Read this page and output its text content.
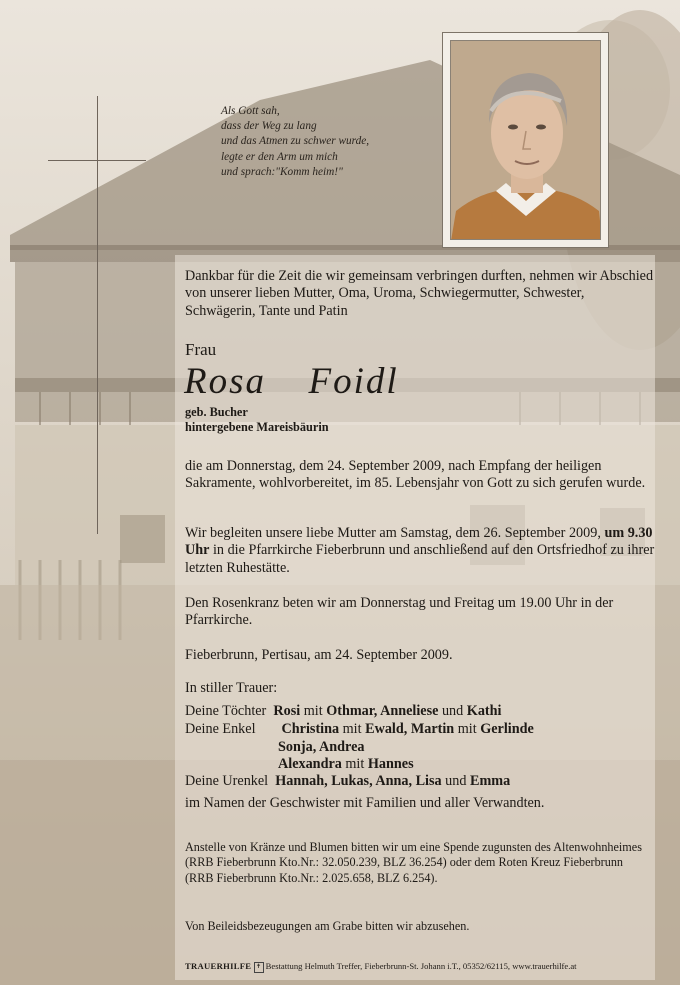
Als Gott sah,
dass der Weg zu lang
und das Atmen zu schwer wurde,
legte er den Arm um mich
und sprach:"Komm heim!"
Dankbar für die Zeit die wir gemeinsam verbringen durften, nehmen wir Abschied von unserer lieben Mutter, Oma, Uroma, Schwiegermutter, Schwester, Schwägerin, Tante und Patin
Frau
Rosa  Foidl
geb. Bucher
hintergebene Mareisbäurin
die am Donnerstag, dem 24. September 2009, nach Empfang der heiligen Sakramente, wohlvorbereitet, im 85. Lebensjahr von Gott zu sich gerufen wurde.
Wir begleiten unsere liebe Mutter am Samstag, dem 26. September 2009, um 9.30 Uhr in die Pfarrkirche Fieberbrunn und anschließend auf den Ortsfriedhof zu ihrer letzten Ruhestätte.
Den Rosenkranz beten wir am Donnerstag und Freitag um 19.00 Uhr in der Pfarrkirche.
Fieberbrunn, Pertisau, am 24. September 2009.
In stiller Trauer:
Deine Töchter Rosi mit Othmar, Anneliese und Kathi
Deine Enkel Christina mit Ewald, Martin mit Gerlinde
Sonja, Andrea
Alexandra mit Hannes
Deine Urenkel Hannah, Lukas, Anna, Lisa und Emma
im Namen der Geschwister mit Familien und aller Verwandten.
Anstelle von Kränze und Blumen bitten wir um eine Spende zugunsten des Altenwohnheimes (RRB Fieberbrunn Kto.Nr.: 32.050.239, BLZ 36.254) oder dem Roten Kreuz Fieberbrunn (RRB Fieberbrunn Kto.Nr.: 2.025.658, BLZ 6.254).
Von Beileidsbezeugungen am Grabe bitten wir abzusehen.
TRAUERHILFE ✝ Bestattung Helmuth Treffer, Fieberbrunn-St. Johann i.T., 05352/62115, www.trauerhilfe.at
